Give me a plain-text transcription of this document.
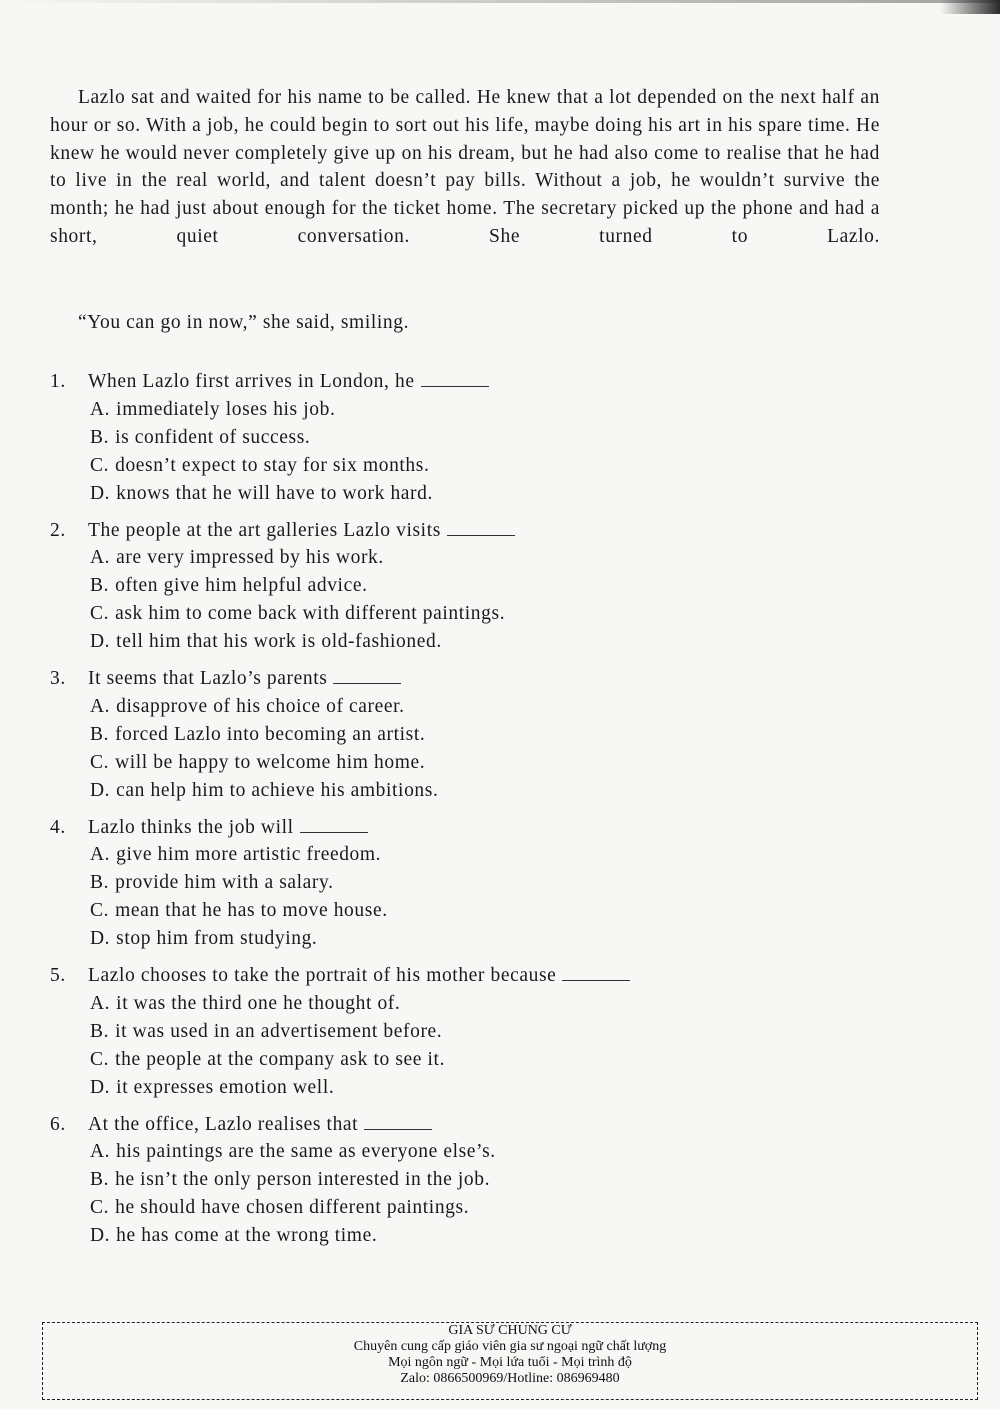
Lazlo sat and waited for his name to be called. He knew that a lot depended on the next half an hour or so. With a job, he could begin to sort out his life, maybe doing his art in his spare time. He knew he would never completely give up on his dream, but he had also come to realise that he had to live in the real world, and talent doesn’t pay bills. Without a job, he wouldn’t survive the month; he had just about enough for the ticket home. The secretary picked up the phone and had a short, quiet conversation. She turned to Lazlo.

“You can go in now,” she said, smiling.

1.	When Lazlo first arrives in London, he
A. immediately loses his job.
B. is confident of success.
C. doesn’t expect to stay for six months.
D. knows that he will have to work hard.
2.	The people at the art galleries Lazlo visits
A. are very impressed by his work.
B. often give him helpful advice.
C. ask him to come back with different paintings.
D. tell him that his work is old-fashioned.
3.	It seems that Lazlo’s parents
A. disapprove of his choice of career.
B. forced Lazlo into becoming an artist.
C. will be happy to welcome him home.
D. can help him to achieve his ambitions.
4.	Lazlo thinks the job will
A. give him more artistic freedom.
B. provide him with a salary.
C. mean that he has to move house.
D. stop him from studying.
5.	Lazlo chooses to take the portrait of his mother because
A. it was the third one he thought of.
B. it was used in an advertisement before.
C. the people at the company ask to see it.
D. it expresses emotion well.
6.	At the office, Lazlo realises that
A. his paintings are the same as everyone else’s.
B. he isn’t the only person interested in the job.
C. he should have chosen different paintings.
D. he has come at the wrong time.
GIA SƯ CHUNG CƯ
Chuyên cung cấp giáo viên gia sư ngoại ngữ chất lượng
Mọi ngôn ngữ - Mọi lứa tuổi - Mọi trình độ
Zalo: 0866500969/Hotline: 086969480
